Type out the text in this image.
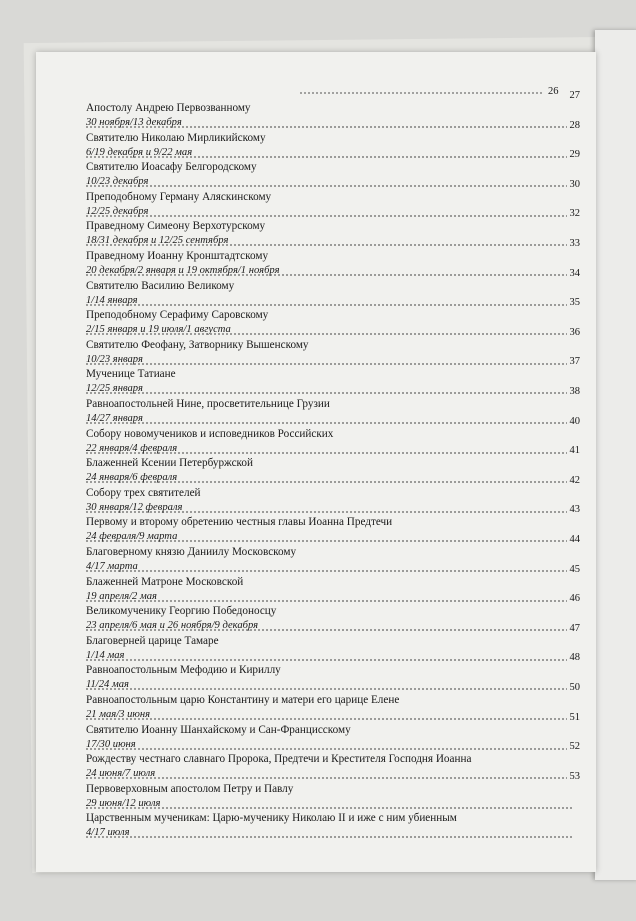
26
Апостолу Андрею Первозванному
30 ноября/13 декабря
27
Святителю Николаю Мирликийскому
6/19 декабря и 9/22 мая
28
Святителю Иоасафу Белгородскому
10/23 декабря
29
Преподобному Герману Аляскинскому
12/25 декабря
30
Праведному Симеону Верхотурскому
18/31 декабря и 12/25 сентября
32
Праведному Иоанну Кронштадтскому
20 декабря/2 января и 19 октября/1 ноября
33
Святителю Василию Великому
1/14 января
34
Преподобному Серафиму Саровскому
2/15 января и 19 июля/1 августа
35
Святителю Феофану, Затворнику Вышенскому
10/23 января
36
Мученице Татиане
12/25 января
37
Равноапостольней Нине, просветительнице Грузии
14/27 января
38
Собору новомучеников и исповедников Российских
22 января/4 февраля
40
Блаженней Ксении Петербуржской
24 января/6 февраля
41
Собору трех святителей
30 января/12 февраля
42
Первому и второму обретению честныя главы Иоанна Предтечи
24 февраля/9 марта
43
Благоверному князю Даниилу Московскому
4/17 марта
44
Блаженней Матроне Московской
19 апреля/2 мая
45
Великомученику Георгию Победоносцу
23 апреля/6 мая и 26 ноября/9 декабря
46
Благоверней царице Тамаре
1/14 мая
47
Равноапостольным Мефодию и Кириллу
11/24 мая
48
Равноапостольным царю Константину и матери его царице Елене
21 мая/3 июня
50
Святителю Иоанну Шанхайскому и Сан-Францисскому
17/30 июня
51
Рождеству честнаго славнаго Пророка, Предтечи и Крестителя Господня Иоанна
24 июня/7 июля
52
Первоверховным апостолом Петру и Павлу
29 июня/12 июля
53
Царственным мученикам: Царю-мученику Николаю II и иже с ним убиенным
4/17 июля
